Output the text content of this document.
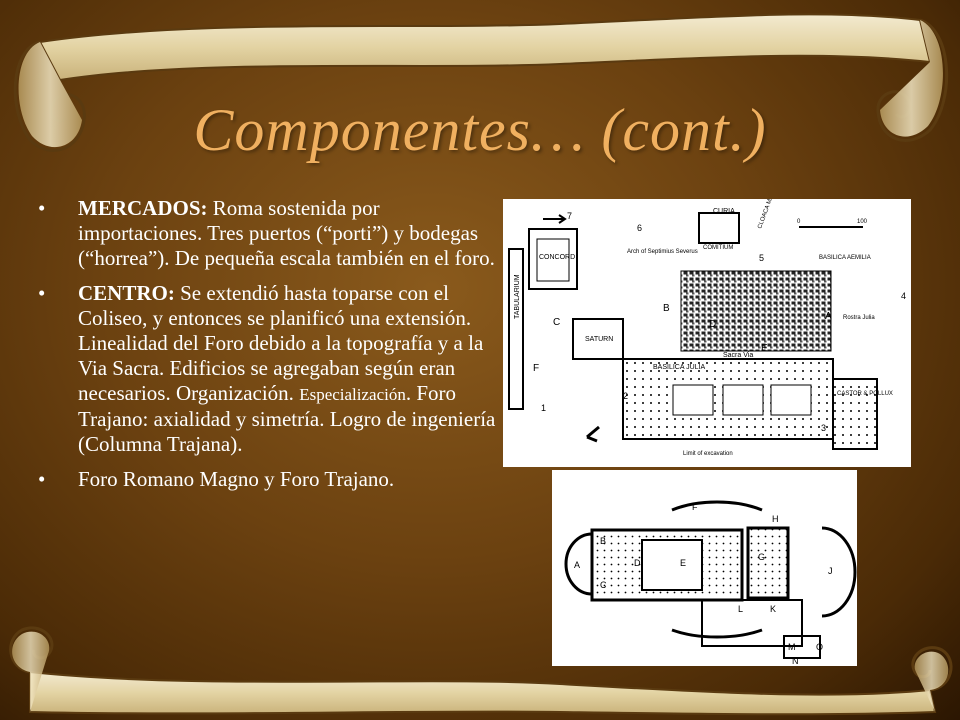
Componentes… (cont.)
•	MERCADOS: Roma sostenida por importaciones. Tres puertos (“porti”) y bodegas (“horrea”). De pequeña escala también en el foro.
•	CENTRO: Se extendió hasta toparse con el Coliseo, y entonces se planificó una extensión. Linealidad del Foro debido a la topografía y a la Via Sacra. Edificios se agregaban según eran necesarios. Organización. Especialización. Foro Trajano: axialidad y simetría. Logro de ingeniería (Columna Trajana).
•	Foro Romano Magno y Foro Trajano.
CONCORD
TABULARIUM
CURIA
COMITIUM
Arch of Septimius Severus
BASILICA AEMILIA
BASILICA JULIA
Sacra Via
SATURN
CASTOR & POLLUX
Rostra Julia
Limit of excavation
0	100
A
B
C	D
E
F
1
2
3
4
5
6
7
A
B
C
D	E
F
G
H
J
K
L
M
N
O
